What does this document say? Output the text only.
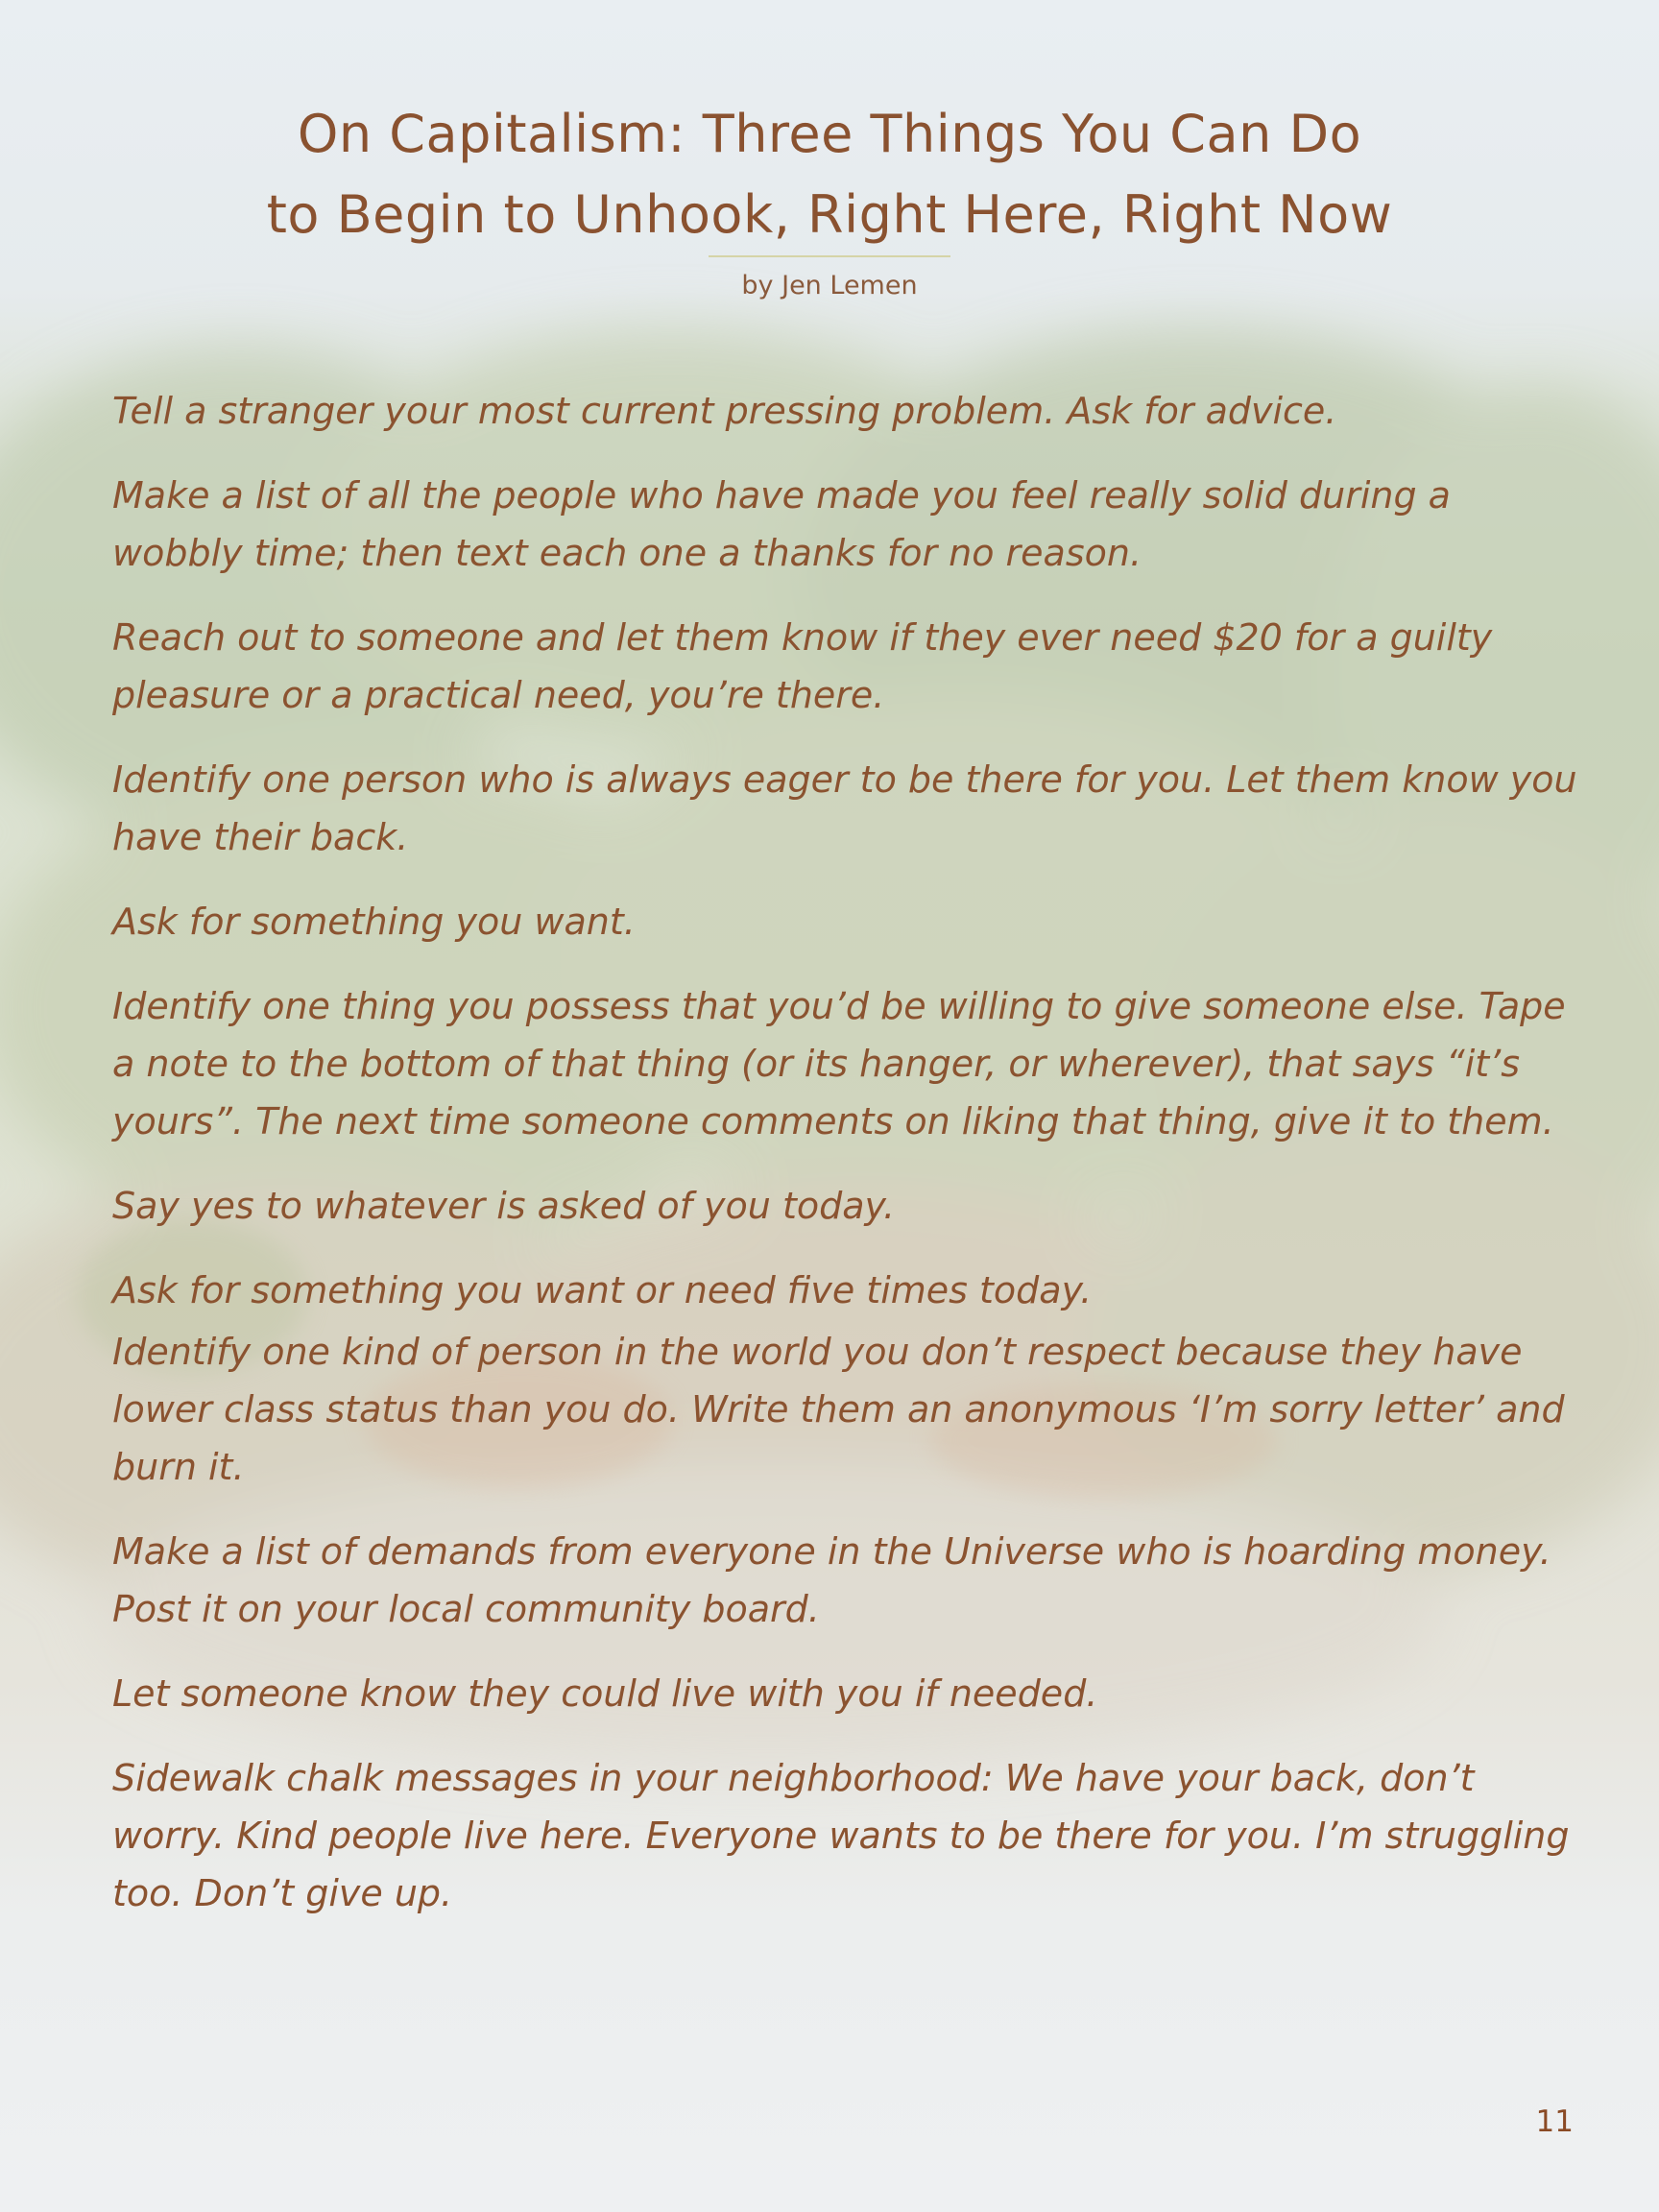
On Capitalism: Three Things You Can Do
to Begin to Unhook, Right Here, Right Now
by Jen Lemen
Tell a stranger your most current pressing problem. Ask for advice.
Make a list of all the people who have made you feel really solid during a wobbly time; then text each one a thanks for no reason.
Reach out to someone and let them know if they ever need $20 for a guilty pleasure or a practical need, you’re there.
Identify one person who is always eager to be there for you. Let them know you have their back.
Ask for something you want.
Identify one thing you possess that you’d be willing to give someone else. Tape a note to the bottom of that thing (or its hanger, or wherever), that says “it’s yours”. The next time someone comments on liking that thing, give it to them.
Say yes to whatever is asked of you today.
Ask for something you want or need five times today.
Identify one kind of person in the world you don’t respect because they have lower class status than you do. Write them an anonymous ‘I’m sorry letter’ and burn it.
Make a list of demands from everyone in the Universe who is hoarding money. Post it on your local community board.
Let someone know they could live with you if needed.
Sidewalk chalk messages in your neighborhood: We have your back, don’t worry. Kind people live here. Everyone wants to be there for you. I’m struggling too. Don’t give up.
11
